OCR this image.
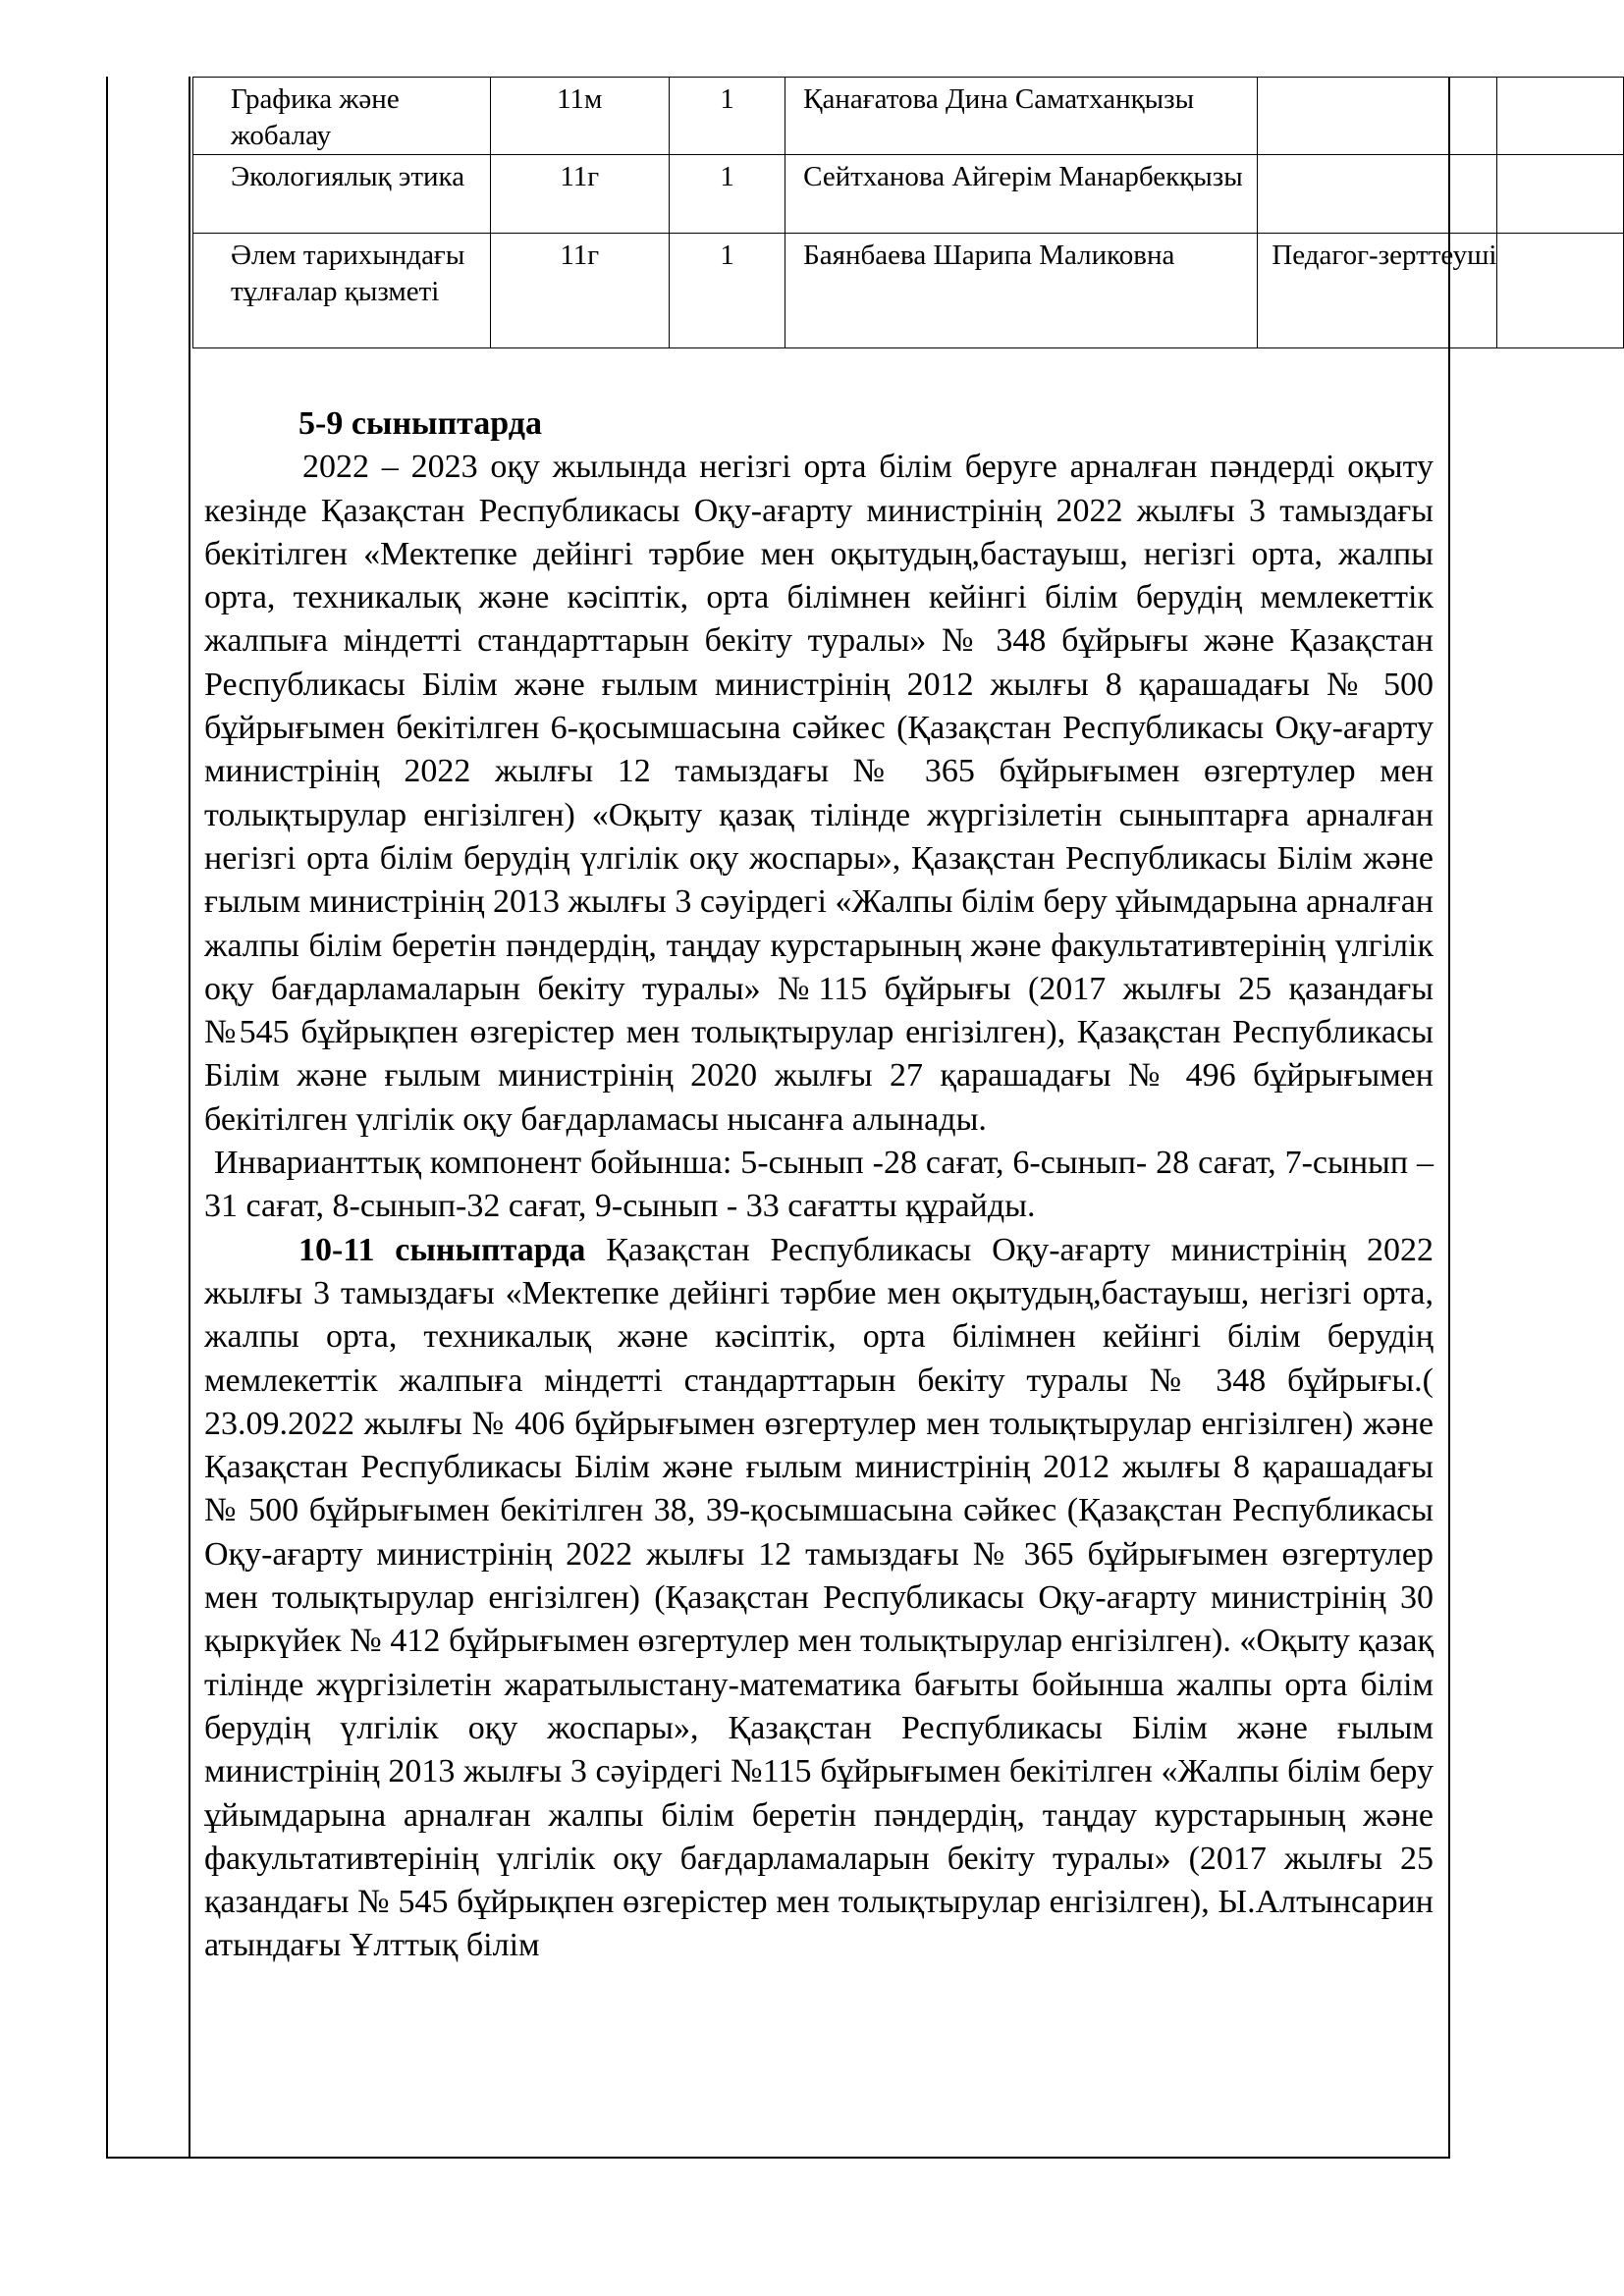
Графика және жобалау	11м	1	Қанағатова Дина Саматханқызы		
Экологиялық этика	11г	1	Сейтханова Айгерім Манарбекқызы		
Әлем тарихындағы тұлғалар қызметі	11г	1	Баянбаева Шарипа Маликовна	Педагог-зерттеуші	

5-9 сыныптарда

2022 – 2023 оқу жылында негізгі орта білім беруге арналған пәндерді оқыту кезінде Қазақстан Республикасы Оқу-ағарту министрінің 2022 жылғы 3 тамыздағы бекітілген «Мектепке дейінгі тәрбие мен оқытудың,бастауыш, негізгі орта, жалпы орта, техникалық және кәсіптік, орта білімнен кейінгі білім берудің мемлекеттік жалпыға міндетті стандарттарын бекіту туралы» № 348 бұйрығы және Қазақстан Республикасы Білім және ғылым министрінің 2012 жылғы 8 қарашадағы № 500 бұйрығымен бекітілген 6-қосымшасына сәйкес (Қазақстан Республикасы Оқу-ағарту министрінің 2022 жылғы 12 тамыздағы № 365 бұйрығымен өзгертулер мен толықтырулар енгізілген) «Оқыту қазақ тілінде жүргізілетін сыныптарға арналған негізгі орта білім берудің үлгілік оқу жоспары», Қазақстан Республикасы Білім және ғылым министрінің 2013 жылғы 3 сәуірдегі «Жалпы білім беру ұйымдарына арналған жалпы білім беретін пәндердің, таңдау курстарының және факультативтерінің үлгілік оқу бағдарламаларын бекіту туралы» №115 бұйрығы (2017 жылғы 25 қазандағы №545 бұйрықпен өзгерістер мен толықтырулар енгізілген), Қазақстан Республикасы Білім және ғылым министрінің 2020 жылғы 27 қарашадағы № 496 бұйрығымен бекітілген үлгілік оқу бағдарламасы нысанға алынады.

Инварианттық компонент бойынша: 5-сынып -28 сағат, 6-сынып- 28 сағат, 7-сынып – 31 сағат, 8-сынып-32 сағат, 9-сынып - 33 сағатты құрайды.

10-11 сыныптарда Қазақстан Республикасы Оқу-ағарту министрінің 2022 жылғы 3 тамыздағы «Мектепке дейінгі тәрбие мен оқытудың,бастауыш, негізгі орта, жалпы орта, техникалық және кәсіптік, орта білімнен кейінгі білім берудің мемлекеттік жалпыға міндетті стандарттарын бекіту туралы № 348 бұйрығы.( 23.09.2022 жылғы № 406 бұйрығымен өзгертулер мен толықтырулар енгізілген) және Қазақстан Республикасы Білім және ғылым министрінің 2012 жылғы 8 қарашадағы № 500 бұйрығымен бекітілген 38, 39-қосымшасына сәйкес (Қазақстан Республикасы Оқу-ағарту министрінің 2022 жылғы 12 тамыздағы № 365 бұйрығымен өзгертулер мен толықтырулар енгізілген) (Қазақстан Республикасы Оқу-ағарту министрінің 30 қыркүйек № 412 бұйрығымен өзгертулер мен толықтырулар енгізілген). «Оқыту қазақ тілінде жүргізілетін жаратылыстану-математика бағыты бойынша жалпы орта білім берудің үлгілік оқу жоспары», Қазақстан Республикасы Білім және ғылым министрінің 2013 жылғы 3 сәуірдегі №115 бұйрығымен бекітілген «Жалпы білім беру ұйымдарына арналған жалпы білім беретін пәндердің, таңдау курстарының және факультативтерінің үлгілік оқу бағдарламаларын бекіту туралы» (2017 жылғы 25 қазандағы № 545 бұйрықпен өзгерістер мен толықтырулар енгізілген), Ы.Алтынсарин атындағы Ұлттық білім
